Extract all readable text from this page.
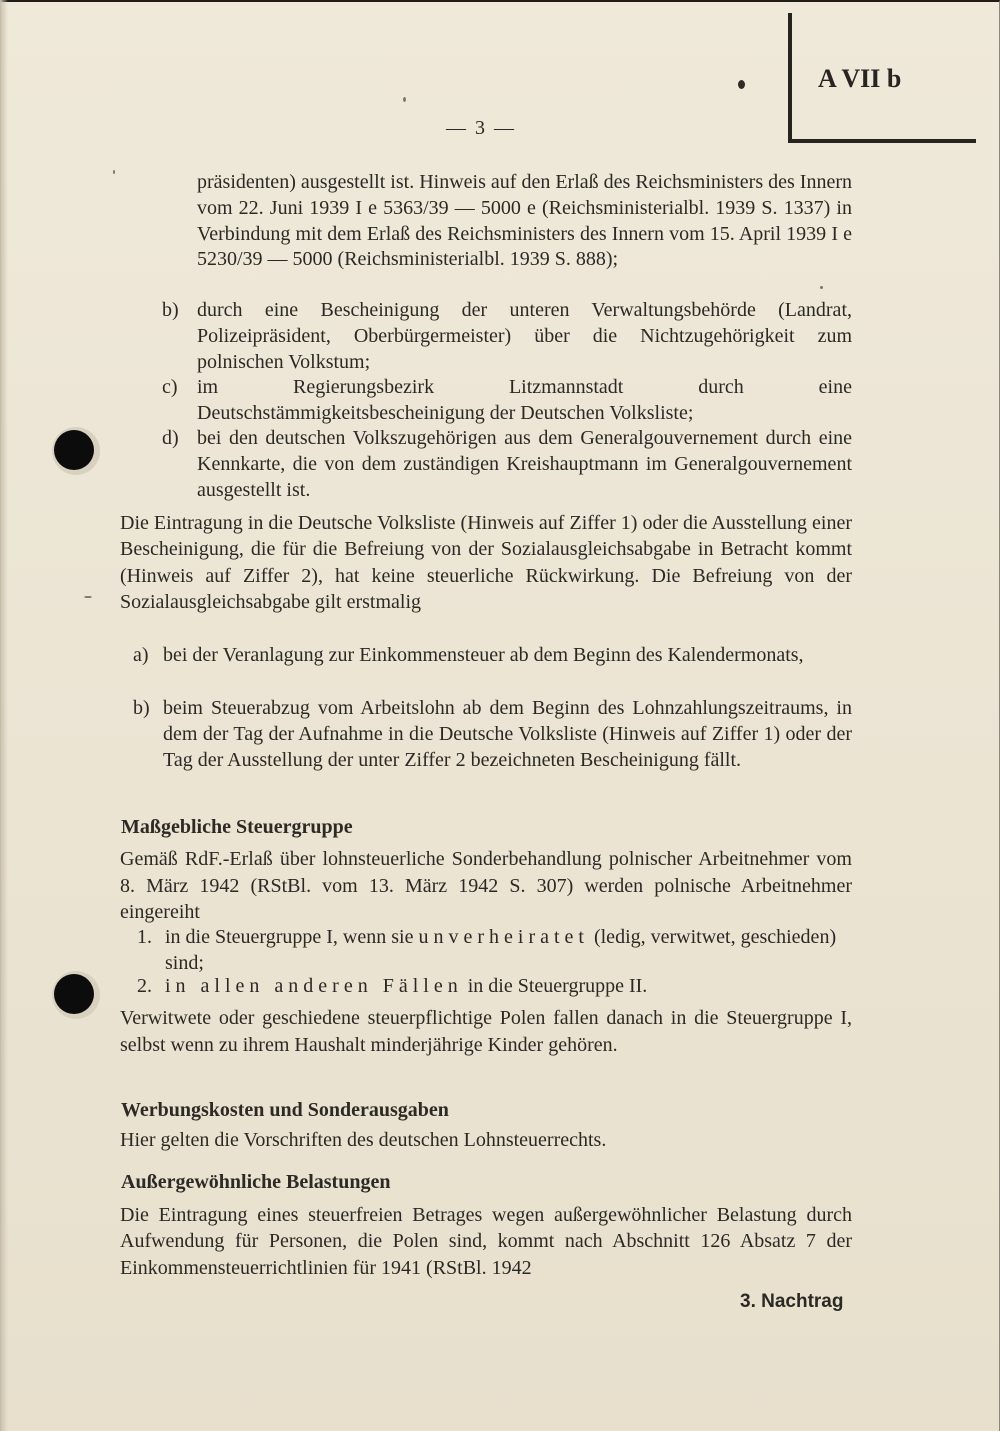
A VII b
— 3 —
präsidenten) ausgestellt ist. Hinweis auf den Erlaß des Reichsministers des Innern vom 22. Juni 1939 I e 5363/39 — 5000 e (Reichsministerialbl. 1939 S. 1337) in Verbindung mit dem Erlaß des Reichsministers des Innern vom 15. April 1939 I e 5230/39 — 5000 (Reichsministerialbl. 1939 S. 888);
b) durch eine Bescheinigung der unteren Verwaltungsbehörde (Landrat, Polizeipräsident, Oberbürgermeister) über die Nichtzugehörigkeit zum polnischen Volkstum;
c) im Regierungsbezirk Litzmannstadt durch eine Deutschstämmigkeitsbescheinigung der Deutschen Volksliste;
d) bei den deutschen Volkszugehörigen aus dem Generalgouvernement durch eine Kennkarte, die von dem zuständigen Kreishauptmann im Generalgouvernement ausgestellt ist.
Die Eintragung in die Deutsche Volksliste (Hinweis auf Ziffer 1) oder die Ausstellung einer Bescheinigung, die für die Befreiung von der Sozialausgleichsabgabe in Betracht kommt (Hinweis auf Ziffer 2), hat keine steuerliche Rückwirkung. Die Befreiung von der Sozialausgleichsabgabe gilt erstmalig
a) bei der Veranlagung zur Einkommensteuer ab dem Beginn des Kalendermonats,
b) beim Steuerabzug vom Arbeitslohn ab dem Beginn des Lohnzahlungszeitraums, in dem der Tag der Aufnahme in die Deutsche Volksliste (Hinweis auf Ziffer 1) oder der Tag der Ausstellung der unter Ziffer 2 bezeichneten Bescheinigung fällt.
Maßgebliche Steuergruppe
Gemäß RdF.-Erlaß über lohnsteuerliche Sonderbehandlung polnischer Arbeitnehmer vom 8. März 1942 (RStBl. vom 13. März 1942 S. 307) werden polnische Arbeitnehmer eingereiht
1. in die Steuergruppe I, wenn sie unverheiratet (ledig, verwitwet, geschieden) sind;
2. in allen anderen Fällen in die Steuergruppe II.
Verwitwete oder geschiedene steuerpflichtige Polen fallen danach in die Steuergruppe I, selbst wenn zu ihrem Haushalt minderjährige Kinder gehören.
Werbungskosten und Sonderausgaben
Hier gelten die Vorschriften des deutschen Lohnsteuerrechts.
Außergewöhnliche Belastungen
Die Eintragung eines steuerfreien Betrages wegen außergewöhnlicher Belastung durch Aufwendung für Personen, die Polen sind, kommt nach Abschnitt 126 Absatz 7 der Einkommensteuerrichtlinien für 1941 (RStBl. 1942
3. Nachtrag
